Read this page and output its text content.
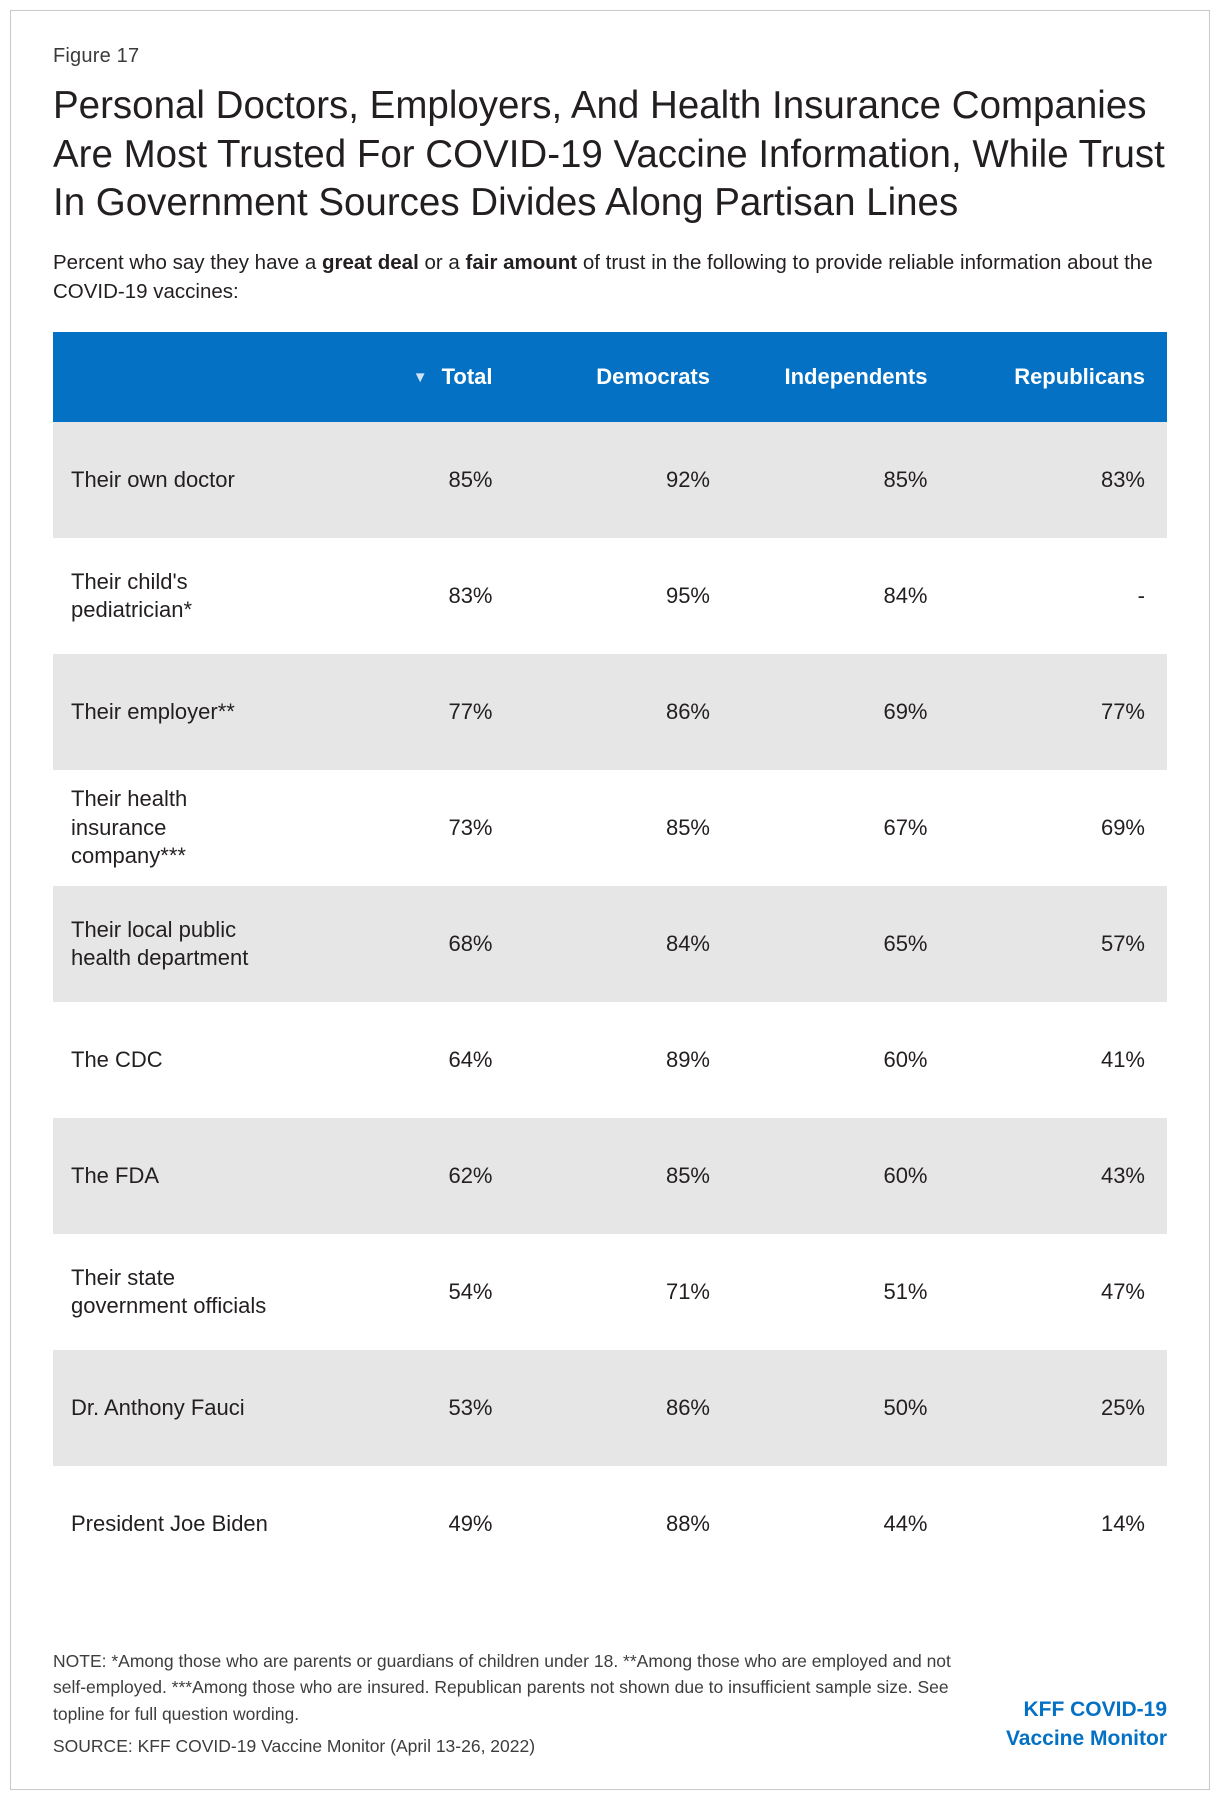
Figure 17
Personal Doctors, Employers, And Health Insurance Companies Are Most Trusted For COVID-19 Vaccine Information, While Trust In Government Sources Divides Along Partisan Lines

Percent who say they have a great deal or a fair amount of trust in the following to provide reliable information about the COVID-19 vaccines:

	▼ Total	Democrats	Independents	Republicans
Their own doctor	85%	92%	85%	83%
Their child's pediatrician*	83%	95%	84%	-
Their employer**	77%	86%	69%	77%
Their health insurance company***	73%	85%	67%	69%
Their local public health department	68%	84%	65%	57%
The CDC	64%	89%	60%	41%
The FDA	62%	85%	60%	43%
Their state government officials	54%	71%	51%	47%
Dr. Anthony Fauci	53%	86%	50%	25%
President Joe Biden	49%	88%	44%	14%
NOTE: *Among those who are parents or guardians of children under 18. **Among those who are employed and not self-employed. ***Among those who are insured. Republican parents not shown due to insufficient sample size. See topline for full question wording.
SOURCE: KFF COVID-19 Vaccine Monitor (April 13-26, 2022)
KFF COVID-19
Vaccine Monitor
